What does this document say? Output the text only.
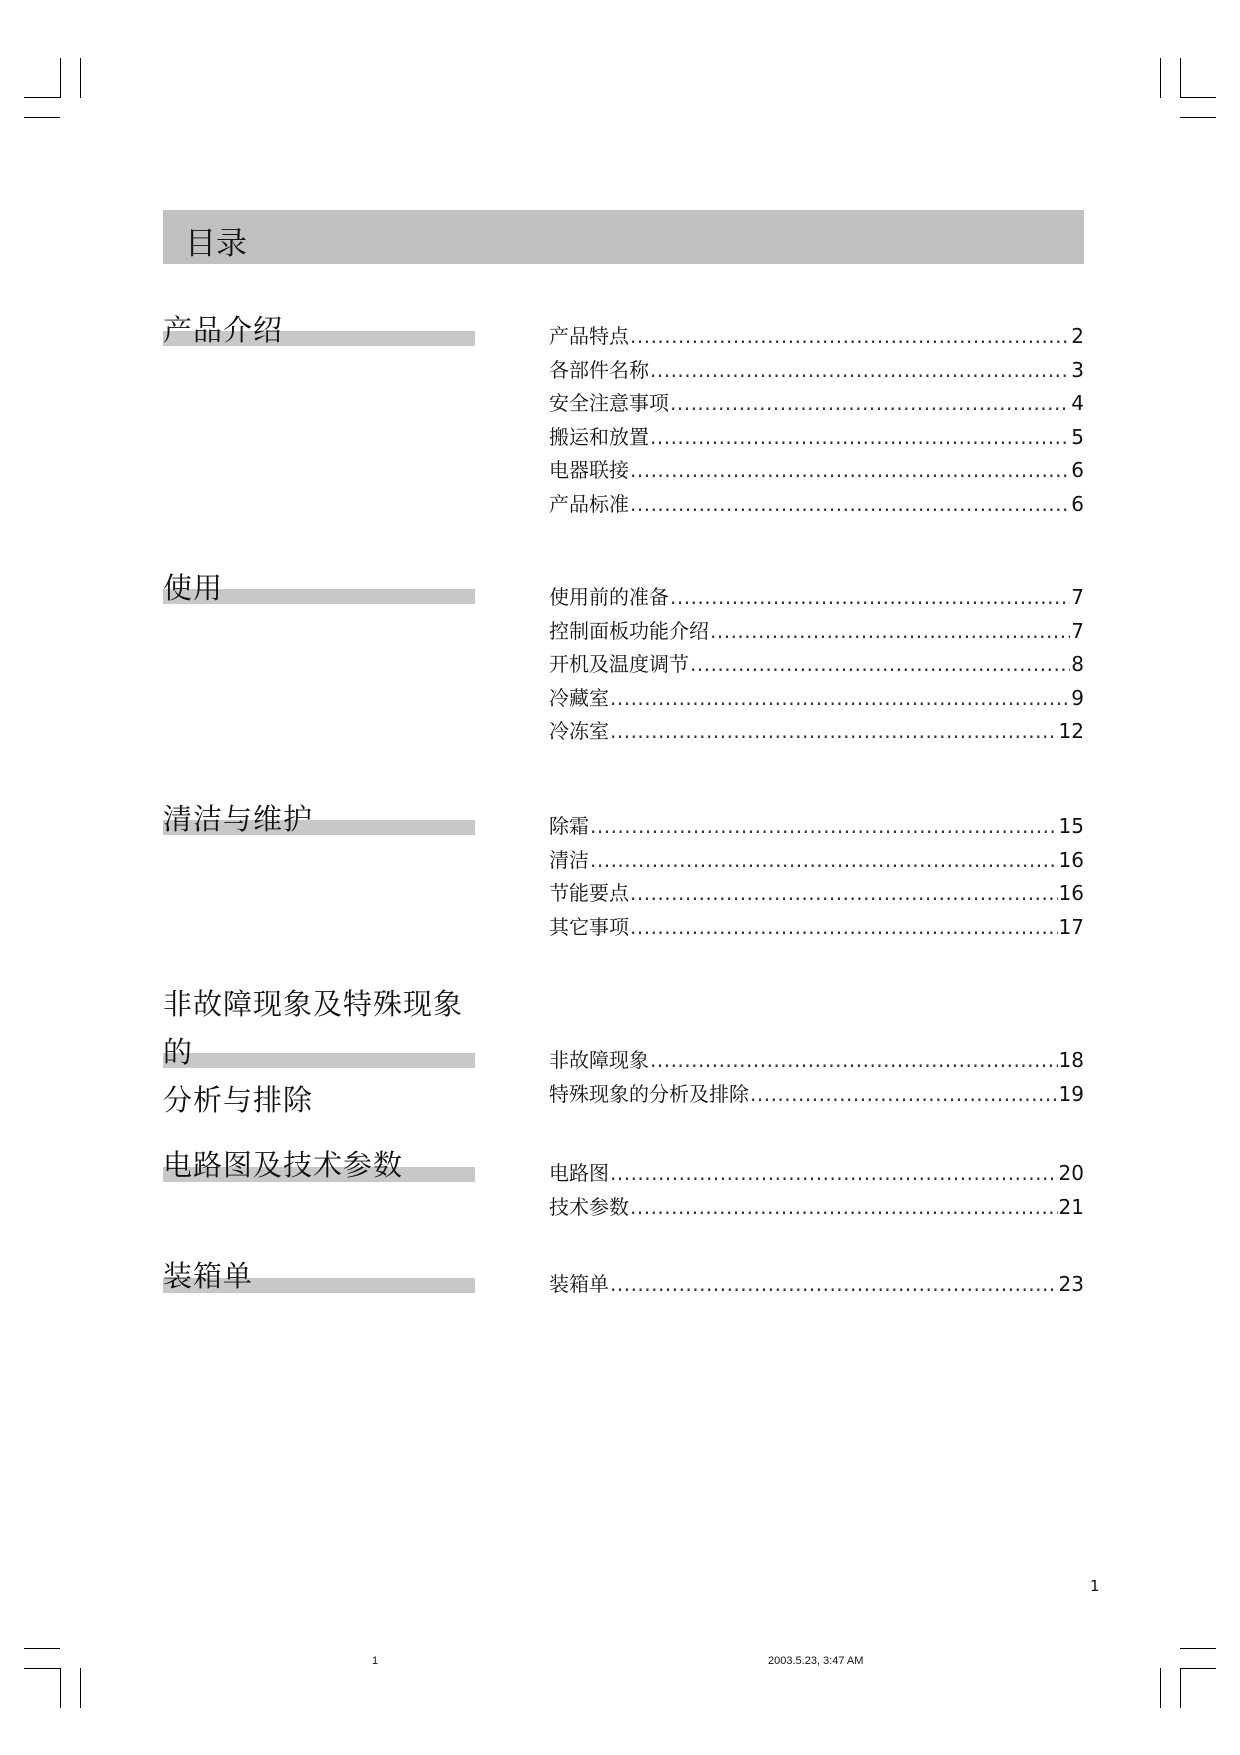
目录
产品介绍	产品特点 .....	2
各部件名称 .....	3
安全注意事项 .....	4
搬运和放置 .....	5
电器联接 .....	6
产品标准 .....	6
使用	使用前的准备 .....	7
控制面板功能介绍 .....	7
开机及温度调节 .....	8
冷藏室 .....	9
冷冻室 .....	12
清洁与维护	除霜 .....	15
清洁 .....	16
节能要点 .....	16
其它事项 .....	17
非故障现象及特殊现象的
分析与排除
非故障现象 .....	18
特殊现象的分析及排除 .....	19
电路图及技术参数	电路图 .....	20
技术参数 .....	21
装箱单	装箱单 .....	23
1
1	2003.5.23, 3:47 AM
